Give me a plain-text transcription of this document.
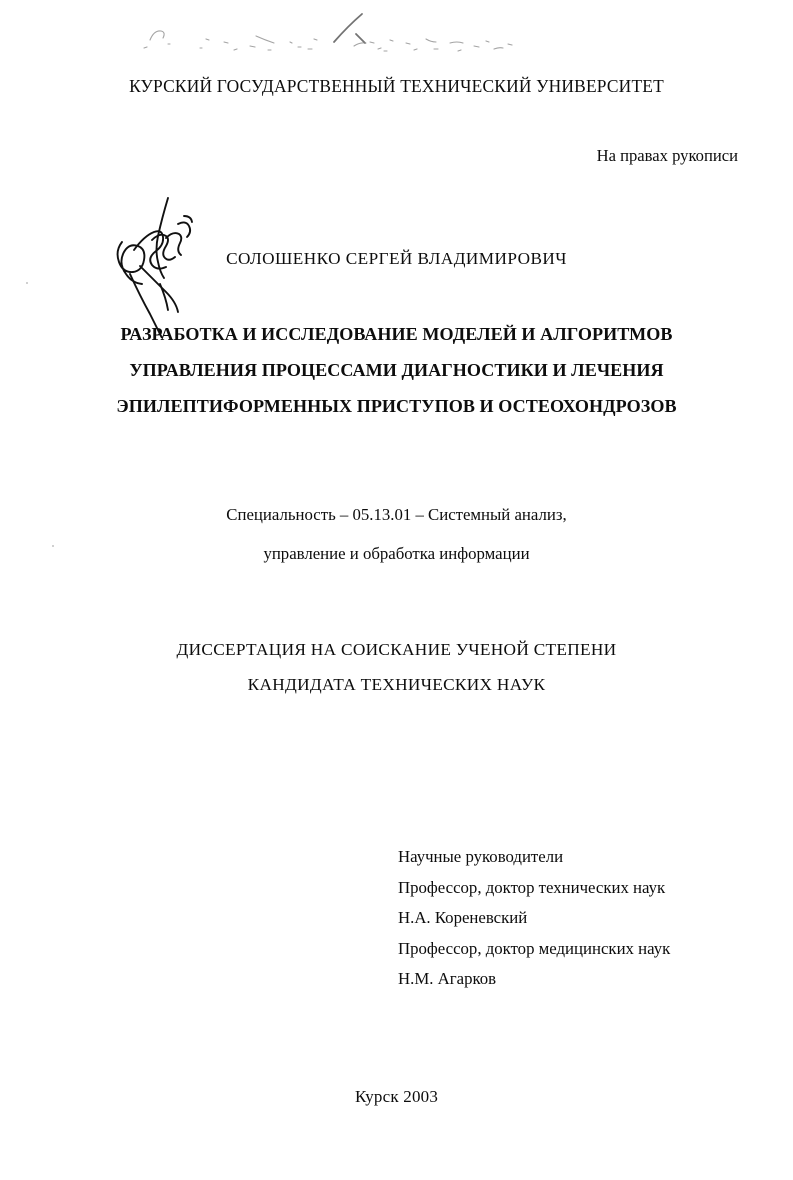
КУРСКИЙ ГОСУДАРСТВЕННЫЙ ТЕХНИЧЕСКИЙ УНИВЕРСИТЕТ

На правах рукописи

СОЛОШЕНКО СЕРГЕЙ ВЛАДИМИРОВИЧ

РАЗРАБОТКА И ИССЛЕДОВАНИЕ МОДЕЛЕЙ И АЛГОРИТМОВ

УПРАВЛЕНИЯ ПРОЦЕССАМИ ДИАГНОСТИКИ И ЛЕЧЕНИЯ

ЭПИЛЕПТИФОРМЕННЫХ ПРИСТУПОВ И ОСТЕОХОНДРОЗОВ

Специальность – 05.13.01 – Системный анализ,

управление и обработка информации

ДИССЕРТАЦИЯ НА СОИСКАНИЕ УЧЕНОЙ СТЕПЕНИ

КАНДИДАТА ТЕХНИЧЕСКИХ НАУК

Научные руководители

Профессор, доктор технических наук

Н.А. Кореневский

Профессор, доктор медицинских наук

Н.М. Агарков

Курск 2003
